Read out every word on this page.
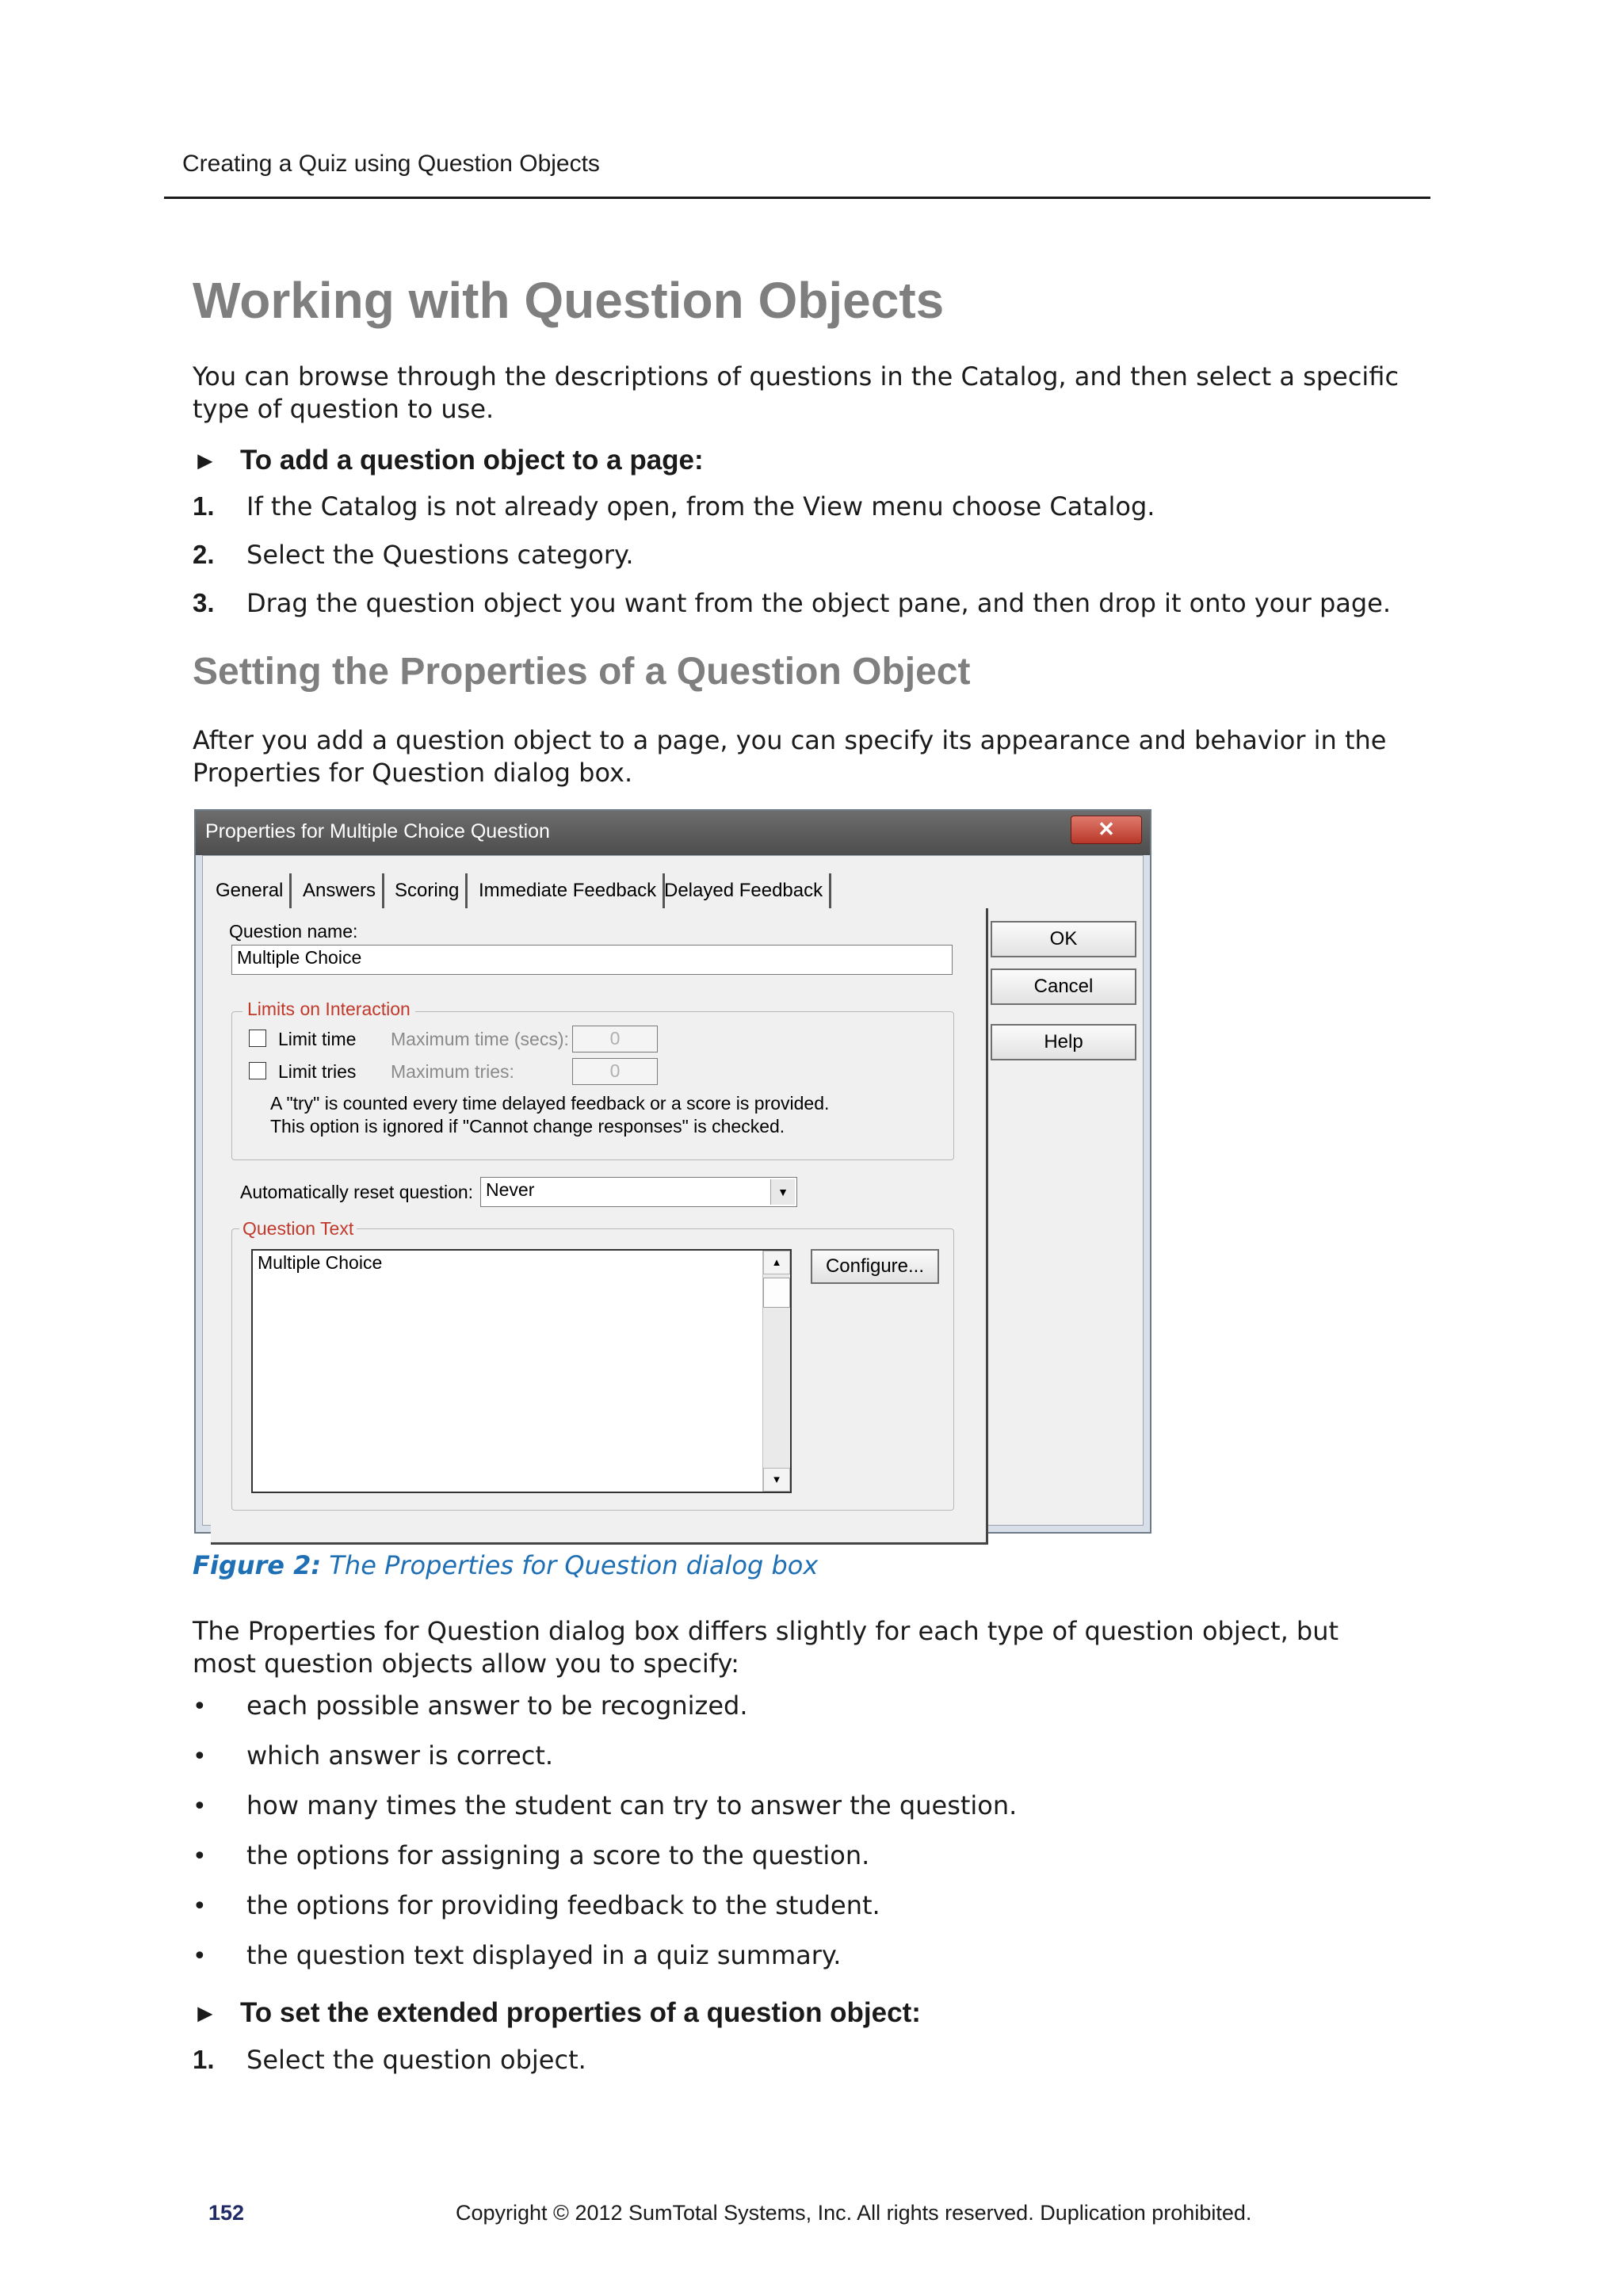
Creating a Quiz using Question Objects
Working with Question Objects
You can browse through the descriptions of questions in the Catalog, and then select a specific type of question to use.
► To add a question object to a page:
1. If the Catalog is not already open, from the View menu choose Catalog.
2. Select the Questions category.
3. Drag the question object you want from the object pane, and then drop it onto your page.
Setting the Properties of a Question Object
After you add a question object to a page, you can specify its appearance and behavior in the Properties for Question dialog box.
Properties for Multiple Choice Question	✕
General	Answers Scoring	Immediate Feedback Delayed Feedback
Question name:
Multiple Choice
Limits on Interaction
Limit time Maximum time (secs):	0
Limit tries Maximum tries:	0
A "try" is counted every time delayed feedback or a score is provided.
This option is ignored if "Cannot change responses" is checked.
Automatically reset question: Never	▼
Question Text
Multiple Choice	▲
▼
Configure...
OK
Cancel
Help
Figure 2: The Properties for Question dialog box
The Properties for Question dialog box differs slightly for each type of question object, but most question objects allow you to specify:
• each possible answer to be recognized.
• which answer is correct.
• how many times the student can try to answer the question.
• the options for assigning a score to the question.
• the options for providing feedback to the student.
• the question text displayed in a quiz summary.
► To set the extended properties of a question object:
1. Select the question object.
152	Copyright © 2012 SumTotal Systems, Inc. All rights reserved. Duplication prohibited.
